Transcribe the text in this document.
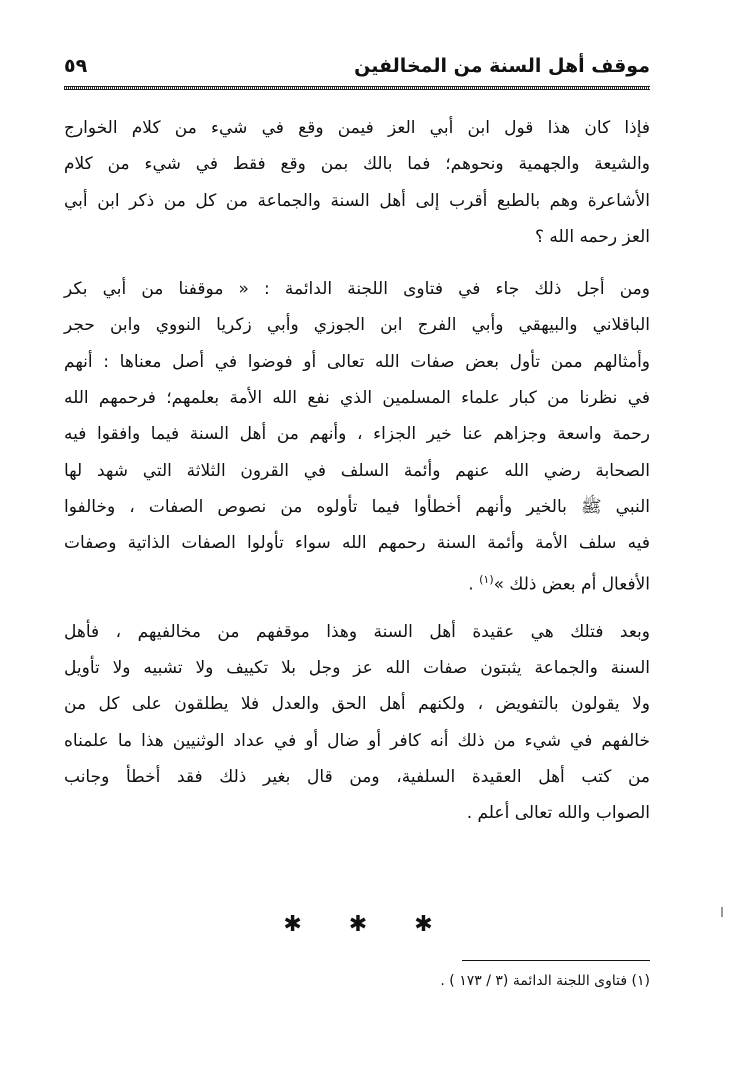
موقف أهل السنة من المخالفين
٥٩
فإذا كان هذا قول ابن أبي العز فيمن وقع في شيء من كلام الخوارج
والشيعة والجهمية ونحوهم؛ فما بالك بمن وقع فقط في شيء من كلام
الأشاعرة وهم بالطبع أقرب إلى أهل السنة والجماعة من كل من ذكر ابن أبي
العز رحمه الله ؟
ومن أجل ذلك جاء في فتاوى اللجنة الدائمة : « موقفنا من أبي بكر
الباقلاني والبيهقي وأبي الفرج ابن الجوزي وأبي زكريا النووي وابن حجر
وأمثالهم ممن تأول بعض صفات الله تعالى أو فوضوا في أصل معناها : أنهم
في نظرنا من كبار علماء المسلمين الذي نفع الله الأمة بعلمهم؛ فرحمهم الله
رحمة واسعة وجزاهم عنا خير الجزاء ، وأنهم من أهل السنة فيما وافقوا فيه
الصحابة رضي الله عنهم وأئمة السلف في القرون الثلاثة التي شهد لها
النبي ﷺ بالخير وأنهم أخطأوا فيما تأولوه من نصوص الصفات ، وخالفوا
فيه سلف الأمة وأئمة السنة رحمهم الله سواء تأولوا الصفات الذاتية وصفات
الأفعال أم بعض ذلك »$^{(١)}$ .
وبعد فتلك هي عقيدة أهل السنة وهذا موقفهم من مخالفيهم ، فأهل
السنة والجماعة يثبتون صفات الله عز وجل بلا تكييف ولا تشبيه ولا تأويل
ولا يقولون بالتفويض ، ولكنهم أهل الحق والعدل فلا يطلقون على كل من
خالفهم في شيء من ذلك أنه كافر أو ضال أو في عداد الوثنيين هذا ما علمناه
من كتب أهل العقيدة السلفية، ومن قال بغير ذلك فقد أخطأ وجانب
الصواب والله تعالى أعلم .
✱ ✱ ✱
(١) فتاوى اللجنة الدائمة (٣ / ١٧٣ ) .
